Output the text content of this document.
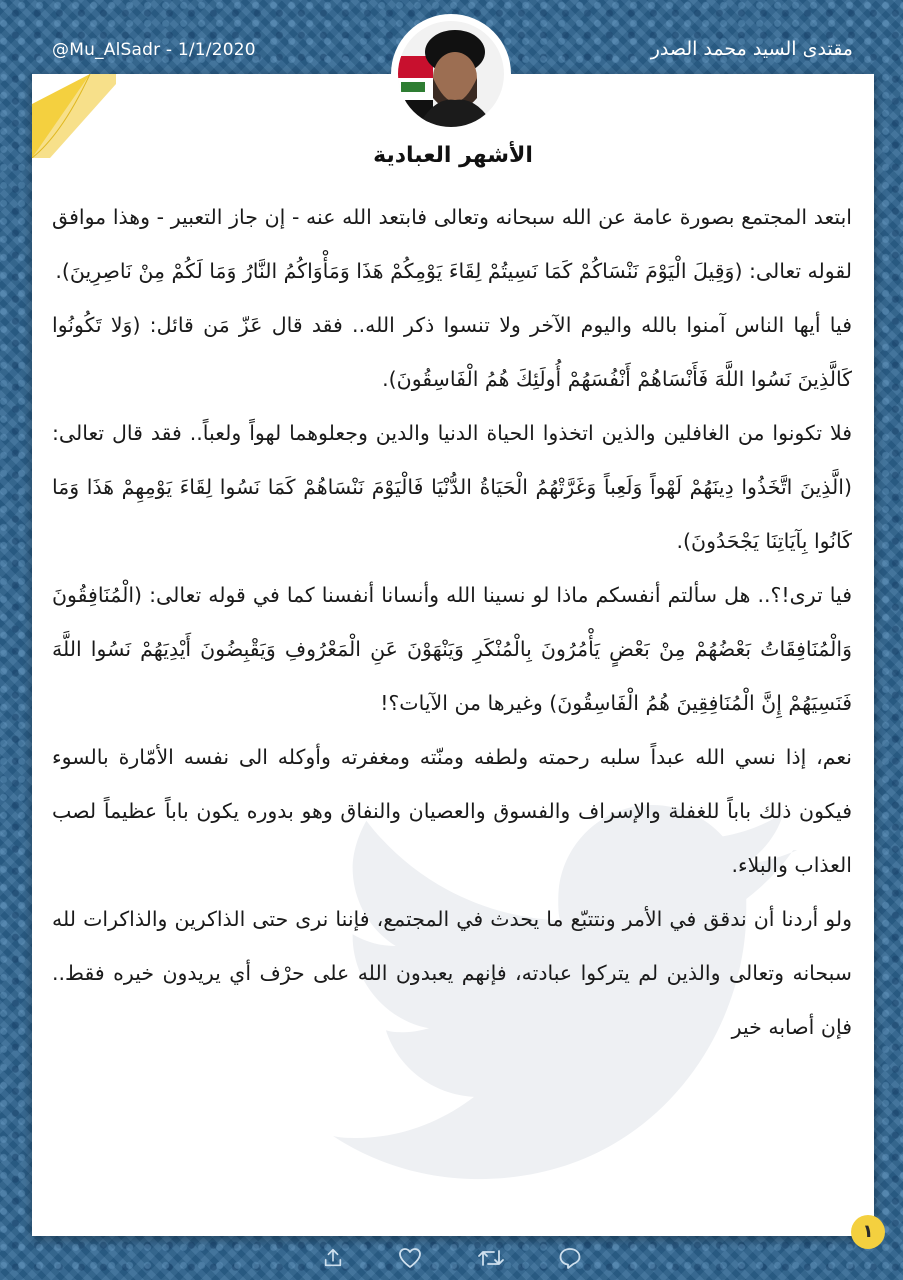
@Mu_AlSadr - 1/1/2020	مقتدى السيد محمد الصدر
الأشهر العبادية

ابتعد المجتمع بصورة عامة عن الله سبحانه وتعالى فابتعد الله عنه - إن جاز التعبير - وهذا موافق لقوله تعالى: (وَقِيلَ الْيَوْمَ نَنْسَاكُمْ كَمَا نَسِيتُمْ لِقَاءَ يَوْمِكُمْ هَذَا وَمَأْوَاكُمُ النَّارُ وَمَا لَكُمْ مِنْ نَاصِرِينَ).

فيا أيها الناس آمنوا بالله واليوم الآخر ولا تنسوا ذكر الله.. فقد قال عَزّ مَن قائل: (وَلا تَكُونُوا كَالَّذِينَ نَسُوا اللَّهَ فَأَنْسَاهُمْ أَنْفُسَهُمْ أُولَئِكَ هُمُ الْفَاسِقُونَ).

فلا تكونوا من الغافلين والذين اتخذوا الحياة الدنيا والدين وجعلوهما لهواً ولعباً.. فقد قال تعالى: (الَّذِينَ اتَّخَذُوا دِينَهُمْ لَهْواً وَلَعِباً وَغَرَّتْهُمُ الْحَيَاةُ الدُّنْيَا فَالْيَوْمَ نَنْسَاهُمْ كَمَا نَسُوا لِقَاءَ يَوْمِهِمْ هَذَا وَمَا كَانُوا بِآيَاتِنَا يَجْحَدُونَ).

فيا ترى!؟.. هل سألتم أنفسكم ماذا لو نسينا الله وأنسانا أنفسنا كما في قوله تعالى: (الْمُنَافِقُونَ وَالْمُنَافِقَاتُ بَعْضُهُمْ مِنْ بَعْضٍ يَأْمُرُونَ بِالْمُنْكَرِ وَيَنْهَوْنَ عَنِ الْمَعْرُوفِ وَيَقْبِضُونَ أَيْدِيَهُمْ نَسُوا اللَّهَ فَنَسِيَهُمْ إِنَّ الْمُنَافِقِينَ هُمُ الْفَاسِقُونَ) وغيرها من الآيات؟!

نعم، إذا نسي الله عبداً سلبه رحمته ولطفه ومنّته ومغفرته وأوكله الى نفسه الأمّارة بالسوء فيكون ذلك باباً للغفلة والإسراف والفسوق والعصيان والنفاق وهو بدوره يكون باباً عظيماً لصب العذاب والبلاء.

ولو أردنا أن ندقق في الأمر ونتتبّع ما يحدث في المجتمع، فإننا نرى حتى الذاكرين والذاكرات لله سبحانه وتعالى والذين لم يتركوا عبادته، فإنهم يعبدون الله على حرْف أي يريدون خيره فقط.. فإن أصابه خير

١
